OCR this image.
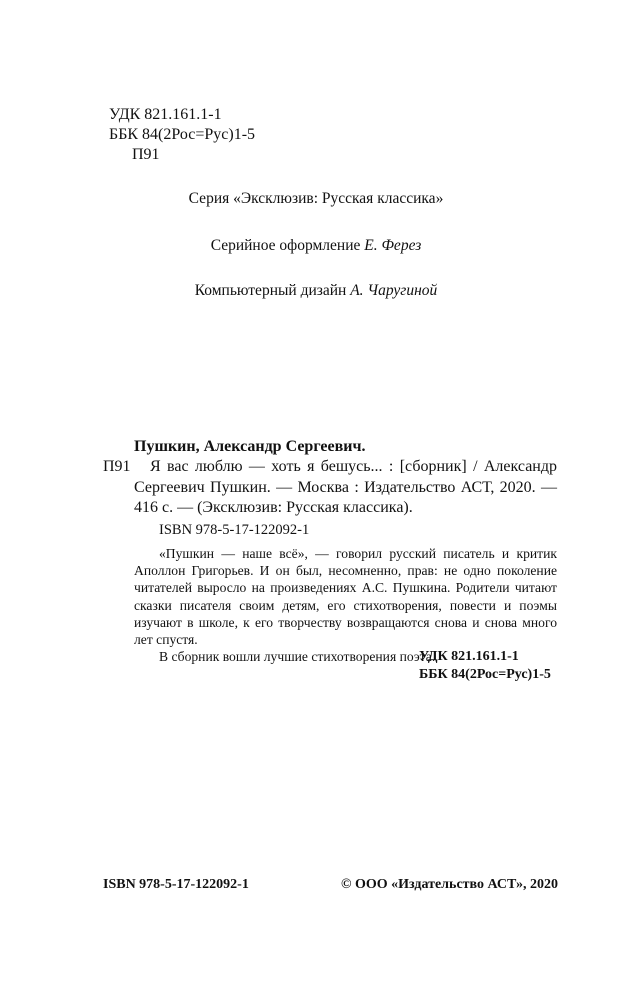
УДК 821.161.1-1
ББК 84(2Рос=Рус)1-5
П91
Серия «Эксклюзив: Русская классика»
Серийное оформление Е. Ферез
Компьютерный дизайн А. Чаругиной
Пушкин, Александр Сергеевич.
П91	Я вас люблю — хоть я бешусь... : [сборник] / Александр Сергеевич Пушкин. — Москва : Издательство АСТ, 2020. — 416 с. — (Эксклюзив: Русская классика).
ISBN 978-5-17-122092-1

«Пушкин — наше всё», — говорил русский писатель и критик Аполлон Григорьев. И он был, несомненно, прав: не одно поколение читателей выросло на произведениях А.С. Пушкина. Родители читают сказки писателя своим детям, его стихотворения, повести и поэмы изучают в школе, к его творчеству возвращаются снова и снова много лет спустя.

В сборник вошли лучшие стихотворения поэта.

УДК 821.161.1-1
ББК 84(2Рос=Рус)1-5
ISBN 978-5-17-122092-1	© ООО «Издательство АСТ», 2020
